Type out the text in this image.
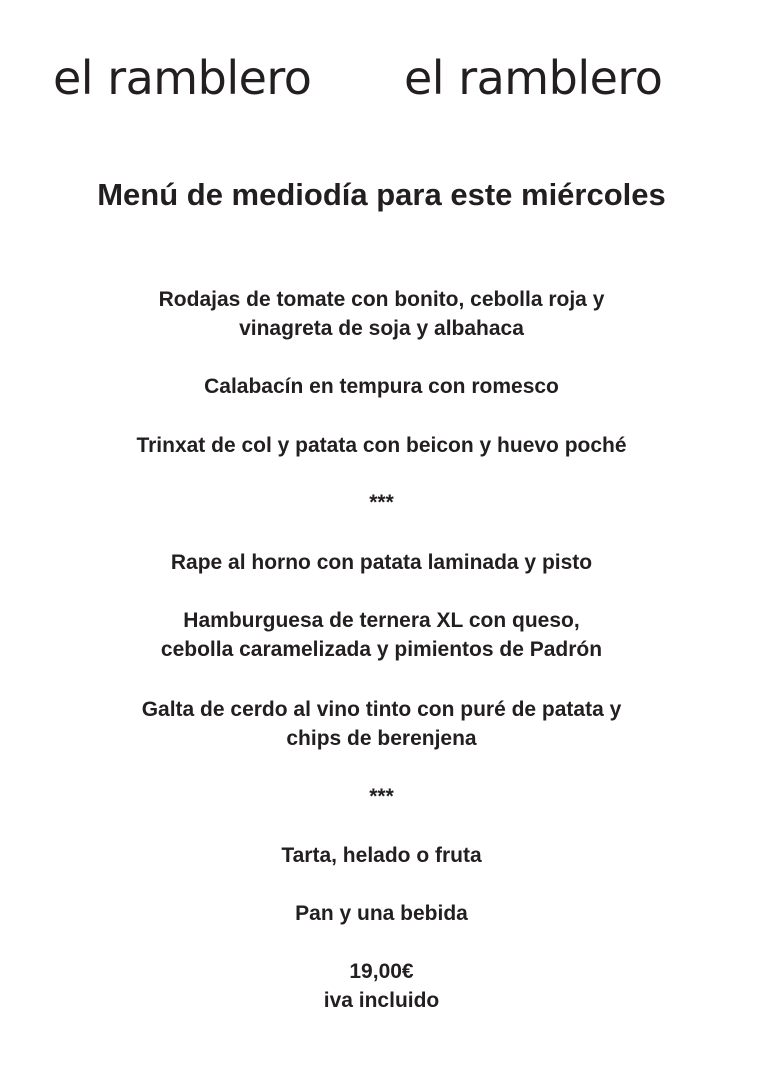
el ramblero el ramblero
Menú de mediodía para este miércoles
Rodajas de tomate con bonito, cebolla roja y
vinagreta de soja y albahaca
Calabacín en tempura con romesco
Trinxat de col y patata con beicon y huevo poché
***
Rape al horno con patata laminada y pisto
Hamburguesa de ternera XL con queso,
cebolla caramelizada y pimientos de Padrón
Galta de cerdo al vino tinto con puré de patata y
chips de berenjena
***
Tarta, helado o fruta
Pan y una bebida
19,00€
iva incluido
